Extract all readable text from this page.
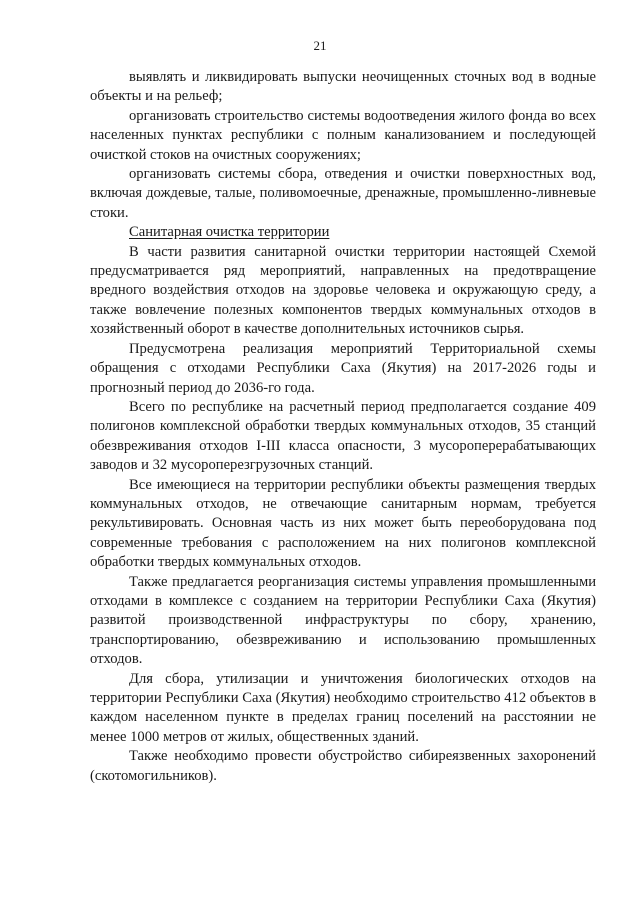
21

выявлять и ликвидировать выпуски неочищенных сточных вод в водные объекты и на рельеф;

организовать строительство системы водоотведения жилого фонда во всех населенных пунктах республики с полным канализованием и последующей очисткой стоков на очистных сооружениях;

организовать системы сбора, отведения и очистки поверхностных вод, включая дождевые, талые, поливомоечные, дренажные, промышленно-ливневые стоки.

Санитарная очистка территории

В части развития санитарной очистки территории настоящей Схемой предусматривается ряд мероприятий, направленных на предотвращение вредного воздействия отходов на здоровье человека и окружающую среду, а также вовлечение полезных компонентов твердых коммунальных отходов в хозяйственный оборот в качестве дополнительных источников сырья.

Предусмотрена реализация мероприятий Территориальной схемы обращения с отходами Республики Саха (Якутия) на 2017-2026 годы и прогнозный период до 2036-го года.

Всего по республике на расчетный период предполагается создание 409 полигонов комплексной обработки твердых коммунальных отходов, 35 станций обезвреживания отходов I-III класса опасности, 3 мусороперерабатывающих заводов и 32 мусороперезгрузочных станций.

Все имеющиеся на территории республики объекты размещения твердых коммунальных отходов, не отвечающие санитарным нормам, требуется рекультивировать. Основная часть из них может быть переоборудована под современные требования с расположением на них полигонов комплексной обработки твердых коммунальных отходов.

Также предлагается реорганизация системы управления промышленными отходами в комплексе с созданием на территории Республики Саха (Якутия) развитой производственной инфраструктуры по сбору, хранению, транспортированию, обезвреживанию и использованию промышленных отходов.

Для сбора, утилизации и уничтожения биологических отходов на территории Республики Саха (Якутия) необходимо строительство 412 объектов в каждом населенном пункте в пределах границ поселений на расстоянии не менее 1000 метров от жилых, общественных зданий.

Также необходимо провести обустройство сибиреязвенных захоронений (скотомогильников).
